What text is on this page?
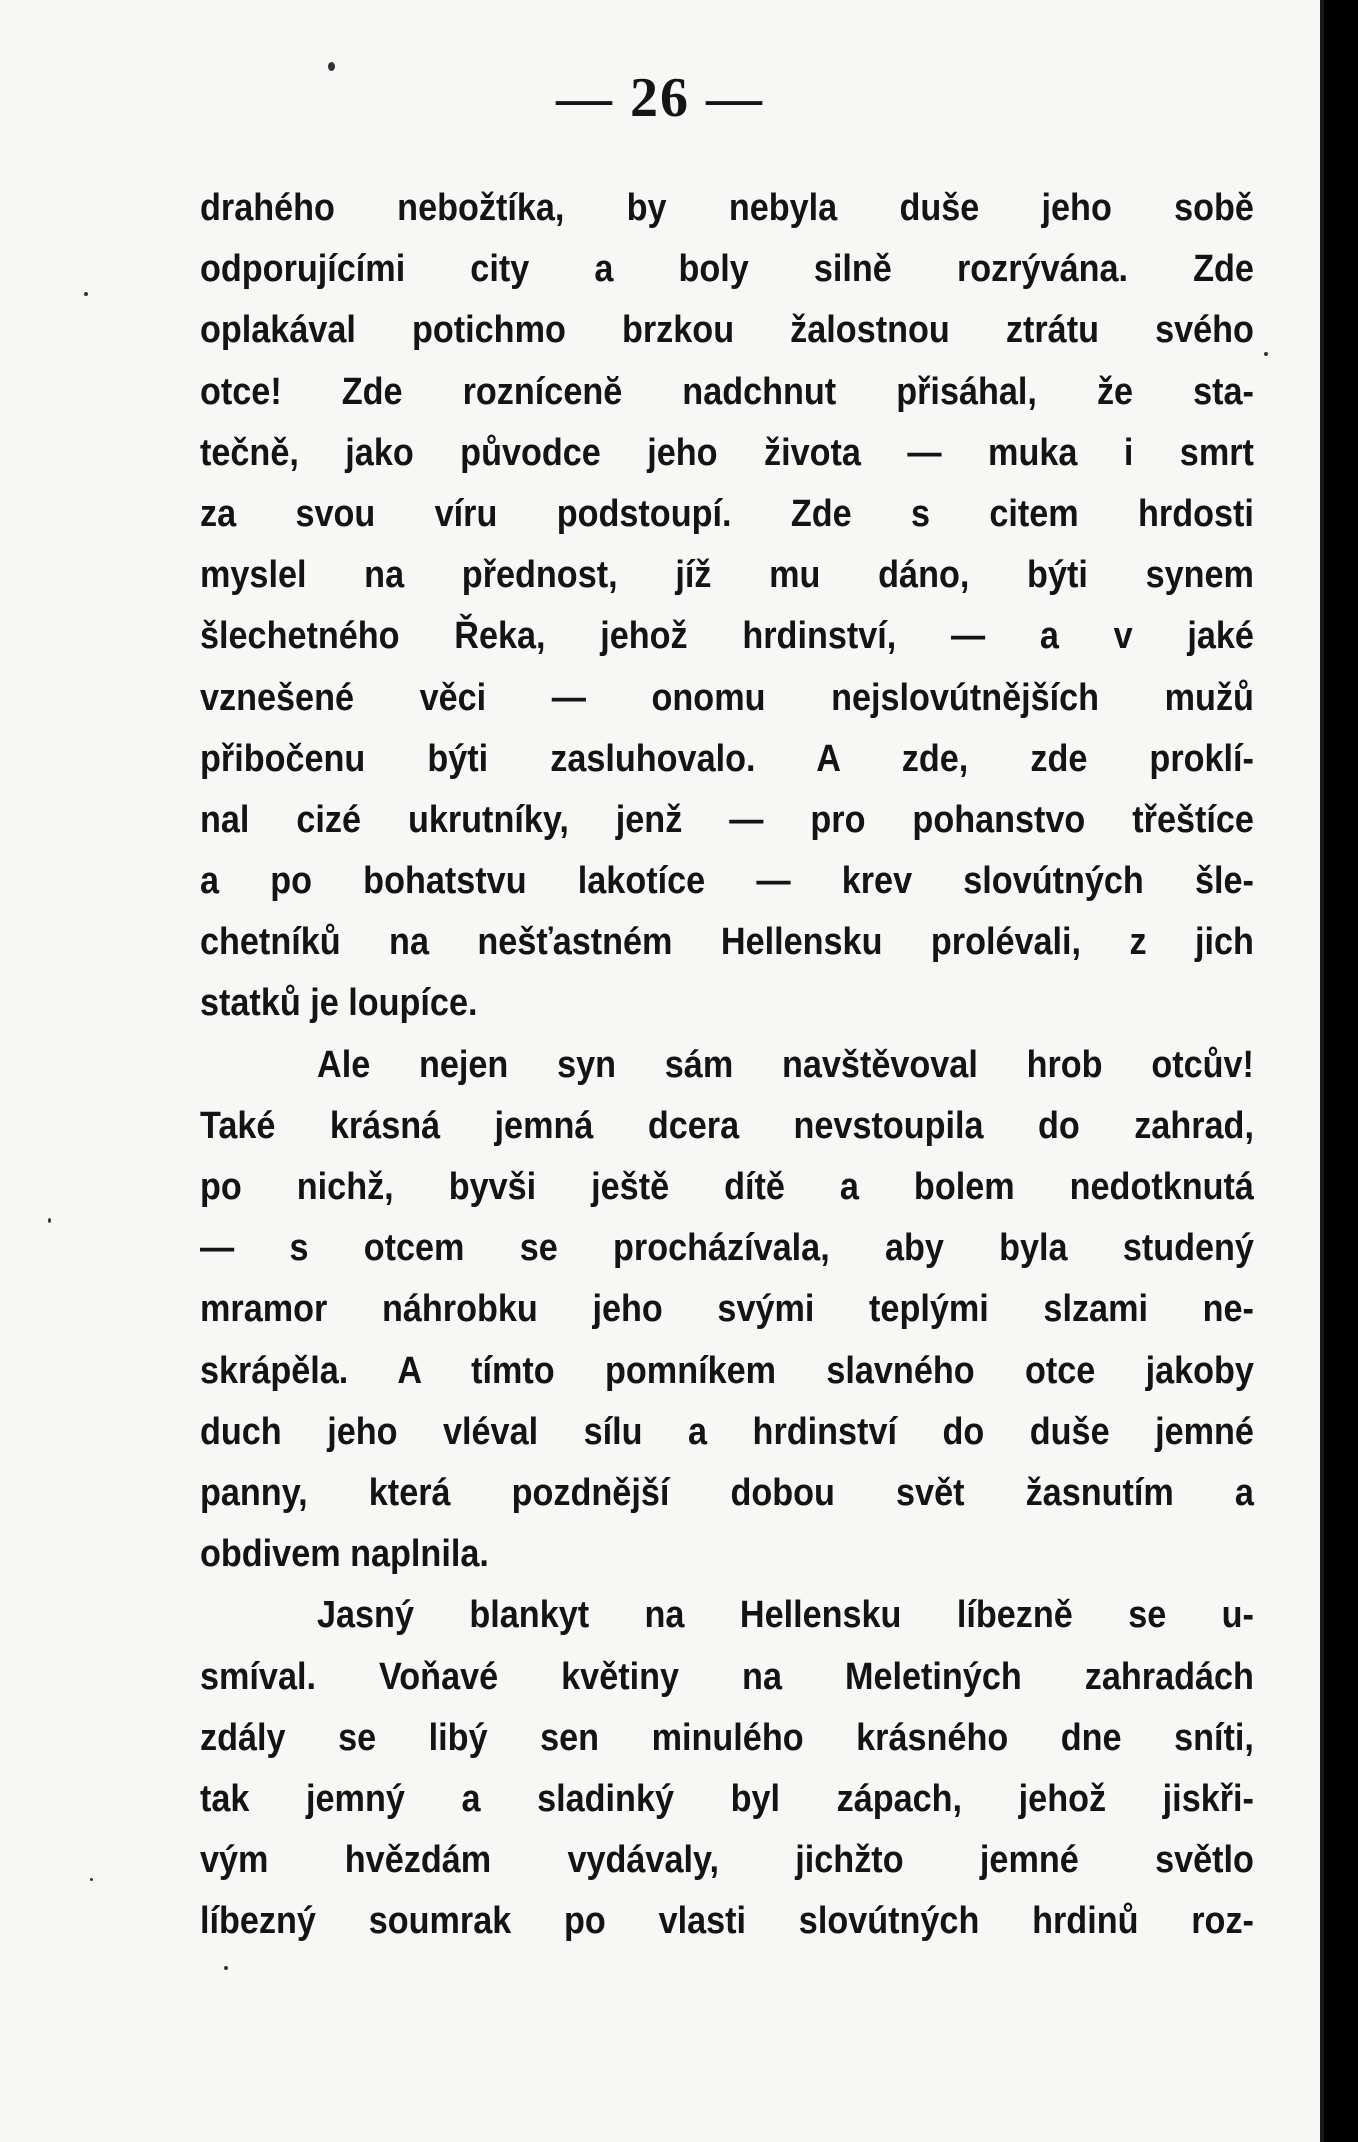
— 26 —
drahého nebožtíka, by nebyla duše jeho sobě
odporujícími city a boly silně rozrývána. Zde
oplakával potichmo brzkou žalostnou ztrátu svého
otce! Zde roznícenĕ nadchnut přisáhal, že sta-
tečně, jako původce jeho života — muka i smrt
za svou víru podstoupí. Zde s citem hrdosti
myslel na přednost, jíž mu dáno, býti synem
šlechetného Řeka, jehož hrdinství, — a v jaké
vznešené věci — onomu nejslovútnějších mužů
přibočenu býti zasluhovalo. A zde, zde proklí-
nal cizé ukrutníky, jenž — pro pohanstvo třeštíce
a po bohatstvu lakotíce — krev slovútných šle-
chetníků na nešťastném Hellensku prolévali, z jich
statků je loupíce.
Ale nejen syn sám navštěvoval hrob otcův!
Také krásná jemná dcera nevstoupila do zahrad,
po nichž, byvši ještě dítě a bolem nedotknutá
— s otcem se procházívala, aby byla studený
mramor náhrobku jeho svými teplými slzami ne-
skrápěla. A tímto pomníkem slavného otce jakoby
duch jeho vléval sílu a hrdinství do duše jemné
panny, která pozdnější dobou svět žasnutím a
obdivem naplnila.
Jasný blankyt na Hellensku líbezně se u-
smíval. Voňavé květiny na Meletiných zahradách
zdály se libý sen minulého krásného dne sníti,
tak jemný a sladinký byl zápach, jehož jiskři-
vým hvězdám vydávaly, jichžto jemné světlo
líbezný soumrak po vlasti slovútných hrdinů roz-
